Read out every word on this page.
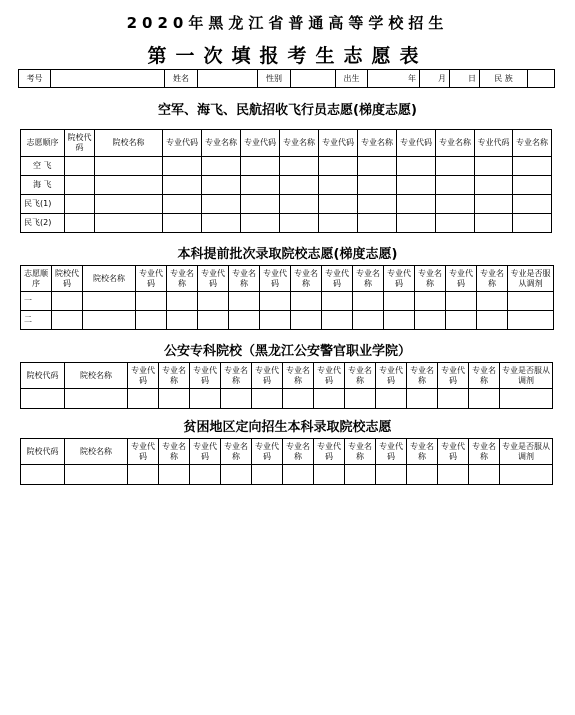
2020年黑龙江省普通高等学校招生
第一次填报考生志愿表
考号		姓名		性别		出生	年	月	日	民 族	
空军、海飞、民航招收飞行员志愿(梯度志愿)
志愿顺序	院校代码	院校名称	专业代码	专业名称	专业代码	专业名称	专业代码	专业名称	专业代码	专业名称	专业代码	专业名称
空 飞												
海 飞												
民飞(1)												
民飞(2)												
本科提前批次录取院校志愿(梯度志愿)
志愿顺序	院校代码	院校名称	专业代码	专业名称	专业代码	专业名称	专业代码	专业名称	专业代码	专业名称	专业代码	专业名称	专业代码	专业名称	专业是否服从调剂
一															
二															
公安专科院校（黑龙江公安警官职业学院）
院校代码	院校名称	专业代码	专业名称	专业代码	专业名称	专业代码	专业名称	专业代码	专业名称	专业代码	专业名称	专业代码	专业名称	专业是否服从调剂

贫困地区定向招生本科录取院校志愿
院校代码	院校名称	专业代码	专业名称	专业代码	专业名称	专业代码	专业名称	专业代码	专业名称	专业代码	专业名称	专业代码	专业名称	专业是否服从调剂
